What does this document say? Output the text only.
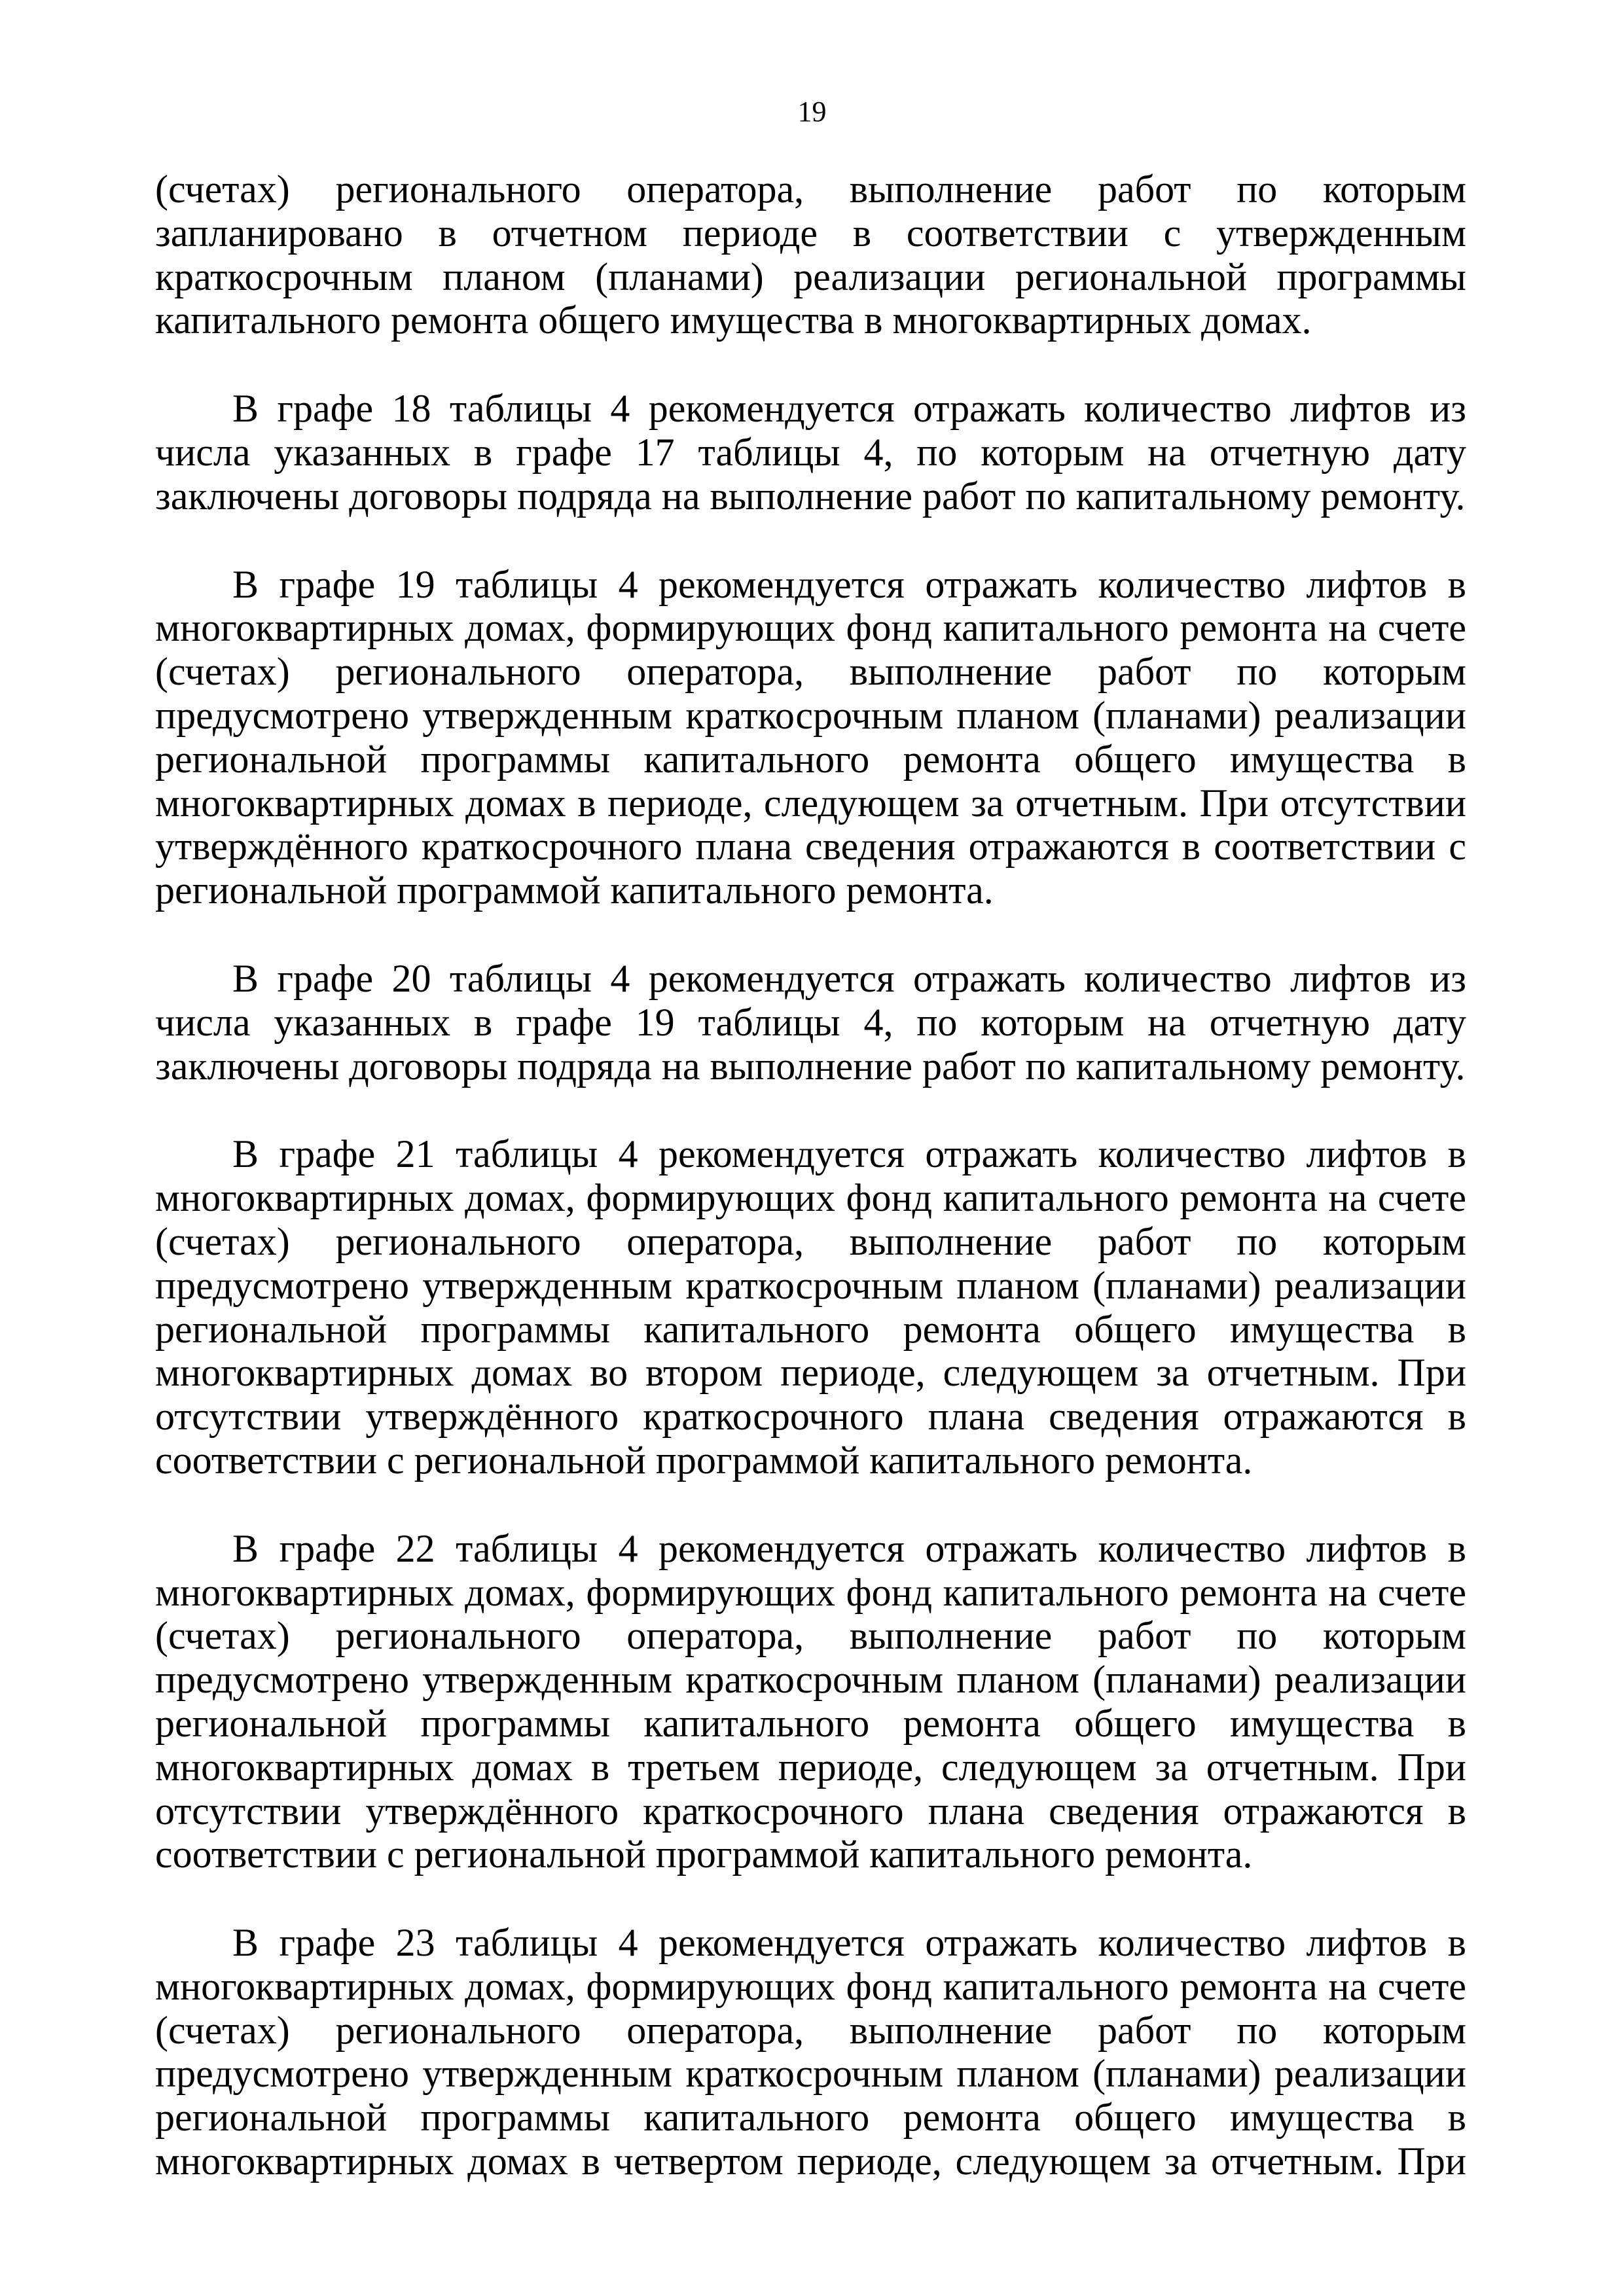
19

(счетах) регионального оператора, выполнение работ по которым запланировано в отчетном периоде в соответствии с утвержденным краткосрочным планом (планами) реализации региональной программы капитального ремонта общего имущества в многоквартирных домах.

В графе 18 таблицы 4 рекомендуется отражать количество лифтов из числа указанных в графе 17 таблицы 4, по которым на отчетную дату заключены договоры подряда на выполнение работ по капитальному ремонту.

В графе 19 таблицы 4 рекомендуется отражать количество лифтов в многоквартирных домах, формирующих фонд капитального ремонта на счете (счетах) регионального оператора, выполнение работ по которым предусмотрено утвержденным краткосрочным планом (планами) реализации региональной программы капитального ремонта общего имущества в многоквартирных домах в периоде, следующем за отчетным. При отсутствии утверждённого краткосрочного плана сведения отражаются в соответствии с региональной программой капитального ремонта.

В графе 20 таблицы 4 рекомендуется отражать количество лифтов из числа указанных в графе 19 таблицы 4, по которым на отчетную дату заключены договоры подряда на выполнение работ по капитальному ремонту.

В графе 21 таблицы 4 рекомендуется отражать количество лифтов в многоквартирных домах, формирующих фонд капитального ремонта на счете (счетах) регионального оператора, выполнение работ по которым предусмотрено утвержденным краткосрочным планом (планами) реализации региональной программы капитального ремонта общего имущества в многоквартирных домах во втором периоде, следующем за отчетным. При отсутствии утверждённого краткосрочного плана сведения отражаются в соответствии с региональной программой капитального ремонта.

В графе 22 таблицы 4 рекомендуется отражать количество лифтов в многоквартирных домах, формирующих фонд капитального ремонта на счете (счетах) регионального оператора, выполнение работ по которым предусмотрено утвержденным краткосрочным планом (планами) реализации региональной программы капитального ремонта общего имущества в многоквартирных домах в третьем периоде, следующем за отчетным. При отсутствии утверждённого краткосрочного плана сведения отражаются в соответствии с региональной программой капитального ремонта.

В графе 23 таблицы 4 рекомендуется отражать количество лифтов в многоквартирных домах, формирующих фонд капитального ремонта на счете (счетах) регионального оператора, выполнение работ по которым предусмотрено утвержденным краткосрочным планом (планами) реализации региональной программы капитального ремонта общего имущества в многоквартирных домах в четвертом периоде, следующем за отчетным. При
